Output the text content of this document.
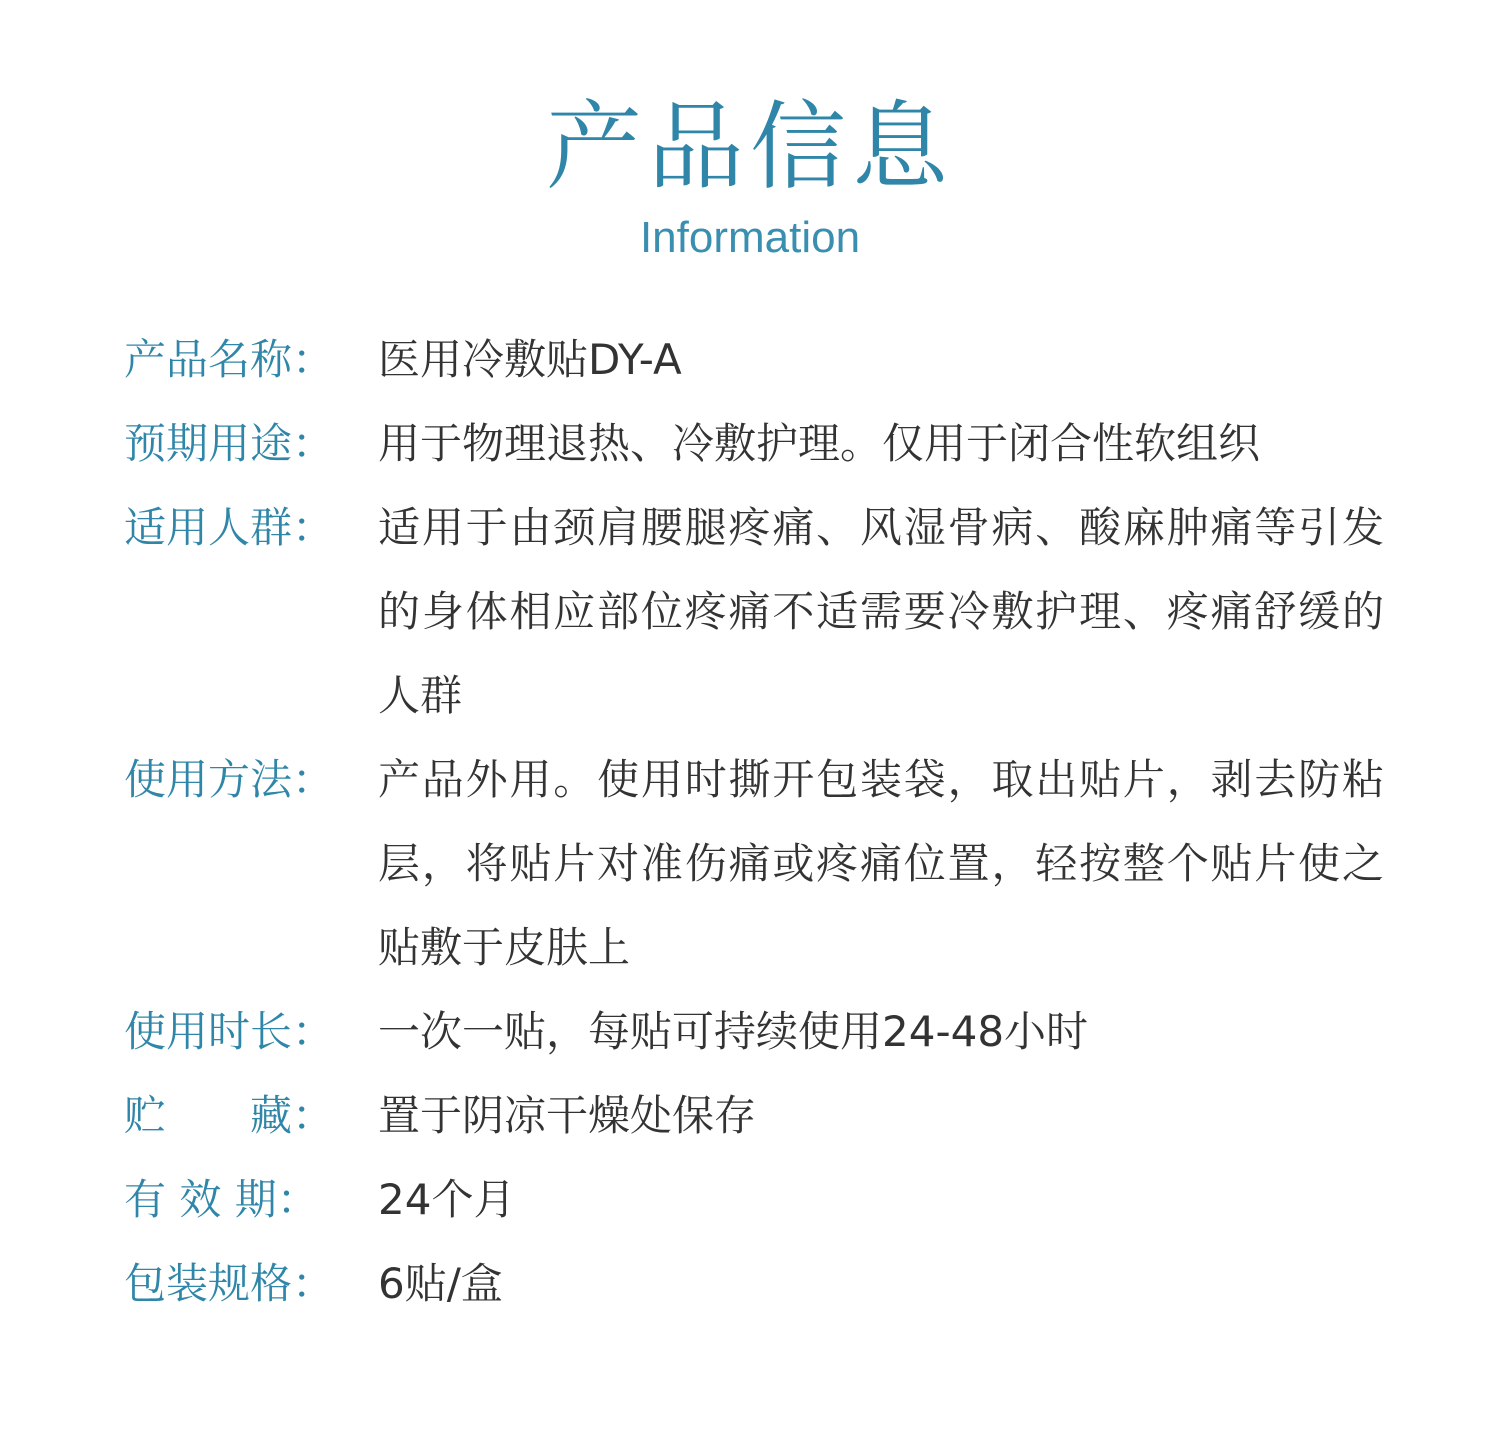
产品信息
Information
产品名称：	医用冷敷贴DY-A
预期用途：	用于物理退热、冷敷护理。仅用于闭合性软组织
适用人群：	适用于由颈肩腰腿疼痛、风湿骨病、酸麻肿痛等引发的身体相应部位疼痛不适需要冷敷护理、疼痛舒缓的人群
使用方法：	产品外用。使用时撕开包装袋，取出贴片，剥去防粘层，将贴片对准伤痛或疼痛位置，轻按整个贴片使之贴敷于皮肤上
使用时长：	一次一贴，每贴可持续使用24-48小时
贮　　藏：	置于阴凉干燥处保存
有 效 期：	24个月
包装规格：	6贴/盒
